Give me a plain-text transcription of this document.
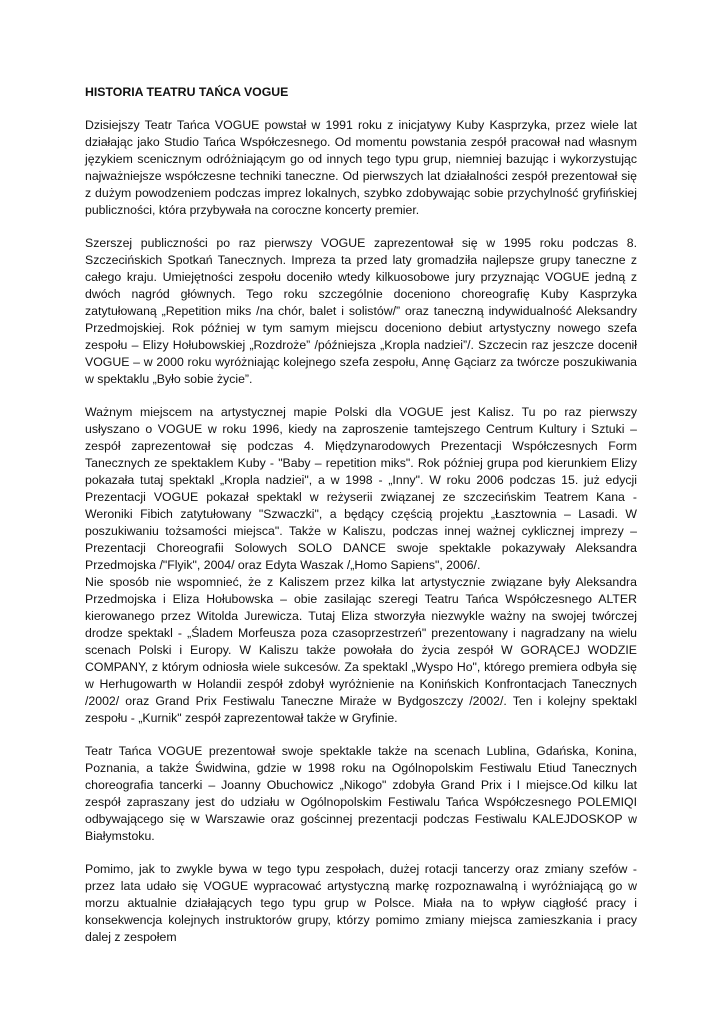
HISTORIA TEATRU TAŃCA VOGUE

Dzisiejszy Teatr Tańca VOGUE powstał w 1991 roku z inicjatywy Kuby Kasprzyka, przez wiele lat działając jako Studio Tańca Współczesnego. Od momentu powstania zespół pracował nad własnym językiem scenicznym odróżniającym go od innych tego typu grup, niemniej bazując i wykorzystując najważniejsze współczesne techniki taneczne. Od pierwszych lat działalności zespół prezentował się z dużym powodzeniem podczas imprez lokalnych, szybko zdobywając sobie przychylność gryfińskiej publiczności, która przybywała na coroczne koncerty premier.

Szerszej publiczności po raz pierwszy VOGUE zaprezentował się w 1995 roku podczas 8. Szczecińskich Spotkań Tanecznych. Impreza ta przed laty gromadziła najlepsze grupy taneczne z całego kraju. Umiejętności zespołu doceniło wtedy kilkuosobowe jury przyznając VOGUE jedną z dwóch nagród głównych. Tego roku szczególnie doceniono choreografię Kuby Kasprzyka zatytułowaną „Repetition miks /na chór, balet i solistów/” oraz taneczną indywidualność Aleksandry Przedmojskiej. Rok później w tym samym miejscu doceniono debiut artystyczny nowego szefa zespołu – Elizy Hołubowskiej „Rozdroże” /późniejsza „Kropla nadziei”/. Szczecin raz jeszcze docenił VOGUE – w 2000 roku wyróżniając kolejnego szefa zespołu, Annę Gąciarz za twórcze poszukiwania w spektaklu „Było sobie życie”.

Ważnym miejscem na artystycznej mapie Polski dla VOGUE jest Kalisz. Tu po raz pierwszy usłyszano o VOGUE w roku 1996, kiedy na zaproszenie tamtejszego Centrum Kultury i Sztuki – zespół zaprezentował się podczas 4. Międzynarodowych Prezentacji Współczesnych Form Tanecznych ze spektaklem Kuby - "Baby – repetition miks". Rok później grupa pod kierunkiem Elizy pokazała tutaj spektakl „Kropla nadziei", a w 1998 - „Inny". W roku 2006 podczas 15. już edycji Prezentacji VOGUE pokazał spektakl w reżyserii związanej ze szczecińskim Teatrem Kana - Weroniki Fibich zatytułowany "Szwaczki", a będący częścią projektu „Łasztownia – Lasadi. W poszukiwaniu tożsamości miejsca". Także w Kaliszu, podczas innej ważnej cyklicznej imprezy – Prezentacji Choreografii Solowych SOLO DANCE swoje spektakle pokazywały Aleksandra Przedmojska /"Flyik", 2004/ oraz Edyta Waszak /„Homo Sapiens", 2006/.

Nie sposób nie wspomnieć, że z Kaliszem przez kilka lat artystycznie związane były Aleksandra Przedmojska i Eliza Hołubowska – obie zasilając szeregi Teatru Tańca Współczesnego ALTER kierowanego przez Witolda Jurewicza. Tutaj Eliza stworzyła niezwykle ważny na swojej twórczej drodze spektakl - „Śladem Morfeusza poza czasoprzestrzeń" prezentowany i nagradzany na wielu scenach Polski i Europy. W Kaliszu także powołała do życia zespół W GORĄCEJ WODZIE COMPANY, z którym odniosła wiele sukcesów. Za spektakl „Wyspo Ho", którego premiera odbyła się w Herhugowarth w Holandii zespół zdobył wyróżnienie na Konińskich Konfrontacjach Tanecznych /2002/ oraz Grand Prix Festiwalu Taneczne Miraże w Bydgoszczy /2002/. Ten i kolejny spektakl zespołu - „Kurnik" zespół zaprezentował także w Gryfinie.

Teatr Tańca VOGUE prezentował swoje spektakle także na scenach Lublina, Gdańska, Konina, Poznania, a także Świdwina, gdzie w 1998 roku na Ogólnopolskim Festiwalu Etiud Tanecznych choreografia tancerki – Joanny Obuchowicz „Nikogo" zdobyła Grand Prix i I miejsce.Od kilku lat zespół zapraszany jest do udziału w Ogólnopolskim Festiwalu Tańca Współczesnego POLEMIQI odbywającego się w Warszawie oraz gościnnej prezentacji podczas Festiwalu KALEJDOSKOP w Białymstoku.

Pomimo, jak to zwykle bywa w tego typu zespołach, dużej rotacji tancerzy oraz zmiany szefów - przez lata udało się VOGUE wypracować artystyczną markę rozpoznawalną i wyróżniającą go w morzu aktualnie działających tego typu grup w Polsce. Miała na to wpływ ciągłość pracy i konsekwencja kolejnych instruktorów grupy, którzy pomimo zmiany miejsca zamieszkania i pracy dalej z zespołem
